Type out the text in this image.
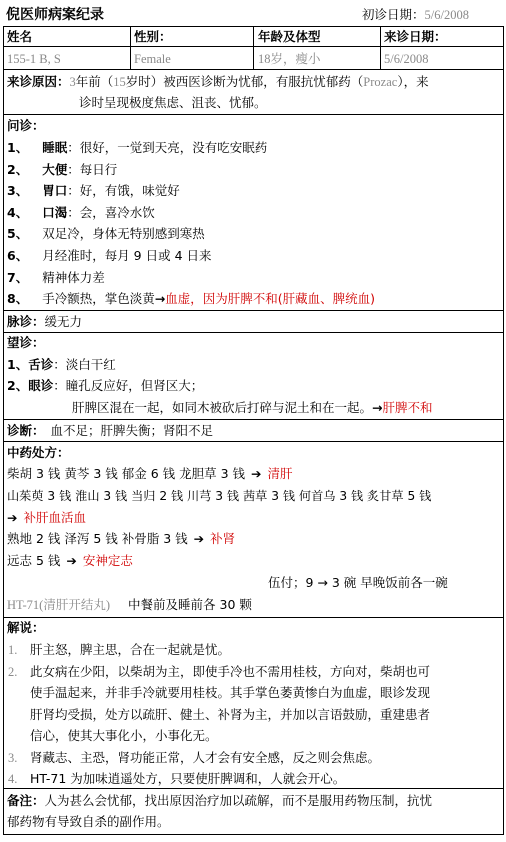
倪医师病案纪录	初诊日期：5/6/2008
姓名	性别：	年龄及体型	来诊日期：
155-1 B, S	Female	18岁，瘦小	5/6/2008
来诊原因：3年前（15岁时）被西医诊断为忧郁，有服抗忧郁药（Prozac），来
诊时呈现极度焦虑、沮丧、忧郁。
问诊：
1、 睡眠：很好，一觉到天亮，没有吃安眠药
2、 大便：每日行
3、 胃口：好，有饿，味觉好
4、 口渴：会，喜冷水饮
5、 双足冷，身体无特别感到寒热
6、 月经准时，每月 9 日或 4 日来
7、 精神体力差
8、 手冷额热，掌色淡黄→血虚，因为肝脾不和(肝藏血、脾统血)
脉诊：缓无力
望诊：
1、舌诊：淡白干红
2、眼诊：瞳孔反应好，但肾区大；
肝脾区混在一起，如同木被砍后打碎与泥土和在一起。→肝脾不和
诊断： 血不足；肝脾失衡；肾阳不足
中药处方：
柴胡 3 钱 黄芩 3 钱 郁金 6 钱 龙胆草 3 钱 ➔ 清肝
山茱萸 3 钱 淮山 3 钱 当归 2 钱 川芎 3 钱 茜草 3 钱 何首乌 3 钱 炙甘草 5 钱
➔ 补肝血活血
熟地 2 钱 泽泻 5 钱 补骨脂 3 钱 ➔ 补肾
远志 5 钱 ➔ 安神定志
伍付；9 → 3 碗 早晚饭前各一碗
HT-71(清肝开结丸) 中餐前及睡前各 30 颗
解说：
1. 肝主怒，脾主思，合在一起就是忧。
2. 此女病在少阳，以柴胡为主，即使手冷也不需用桂枝，方向对，柴胡也可
使手温起来，并非手冷就要用桂枝。其手掌色萎黄惨白为血虚，眼诊发现
肝肾均受损，处方以疏肝、健土、补肾为主，并加以言语鼓励，重建患者
信心，使其大事化小，小事化无。
3. 肾藏志、主恐，肾功能正常，人才会有安全感，反之则会焦虑。
4. HT-71 为加味逍遥处方，只要使肝脾调和，人就会开心。
备注：人为甚么会忧郁，找出原因治疗加以疏解，而不是服用药物压制，抗忧
郁药物有导致自杀的副作用。
